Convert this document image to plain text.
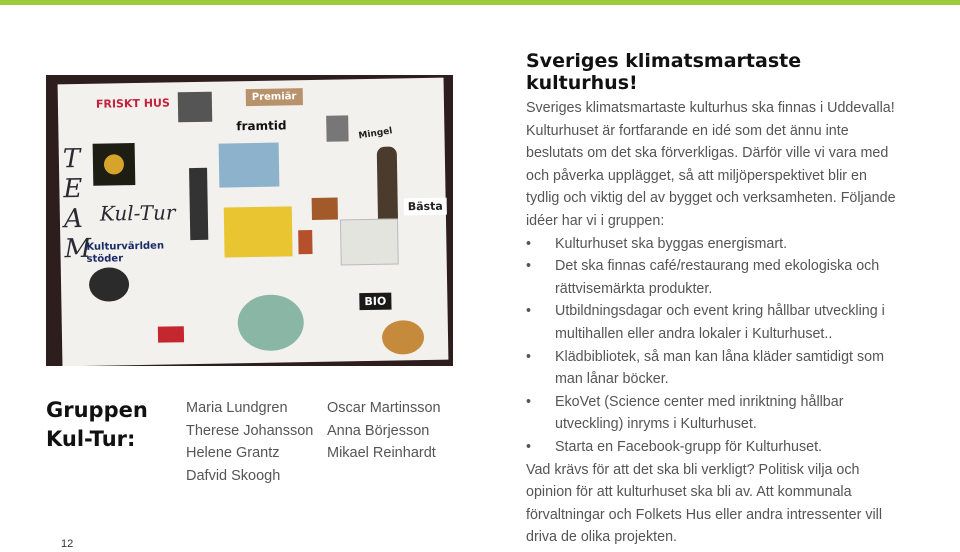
FRISKT HUS	Premiär
framtid
Mingel
TEAM
Kul-Tur	Bästa
Kulturvärlden
stöder
BIO
Gruppen
Kul-Tur:
Maria Lundgren
Therese Johansson
Helene Grantz
Dafvid Skoogh
Oscar Martinsson
Anna Börjesson
Mikael Reinhardt
12
Sveriges klimatsmartaste
kulturhus!
Sveriges klimatsmartaste kulturhus ska finnas i Uddevalla!
Kulturhuset är fortfarande en idé som det ännu inte
beslutats om det ska förverkligas. Därför ville vi vara med
och påverka upplägget, så att miljöperspektivet blir en
tydlig och viktig del av bygget och verksamheten. Följande
idéer har vi i gruppen:
• Kulturhuset ska byggas energismart.
• Det ska finnas café/restaurang med ekologiska och
rättvisemärkta produkter.
• Utbildningsdagar och event kring hållbar utveckling i
multihallen eller andra lokaler i Kulturhuset..
• Klädbibliotek, så man kan låna kläder samtidigt som
man lånar böcker.
• EkoVet (Science center med inriktning hållbar
utveckling) inryms i Kulturhuset.
• Starta en Facebook-grupp för Kulturhuset.
Vad krävs för att det ska bli verkligt? Politisk vilja och
opinion för att kulturhuset ska bli av. Att kommunala
förvaltningar och Folkets Hus eller andra intressenter vill
driva de olika projekten.
